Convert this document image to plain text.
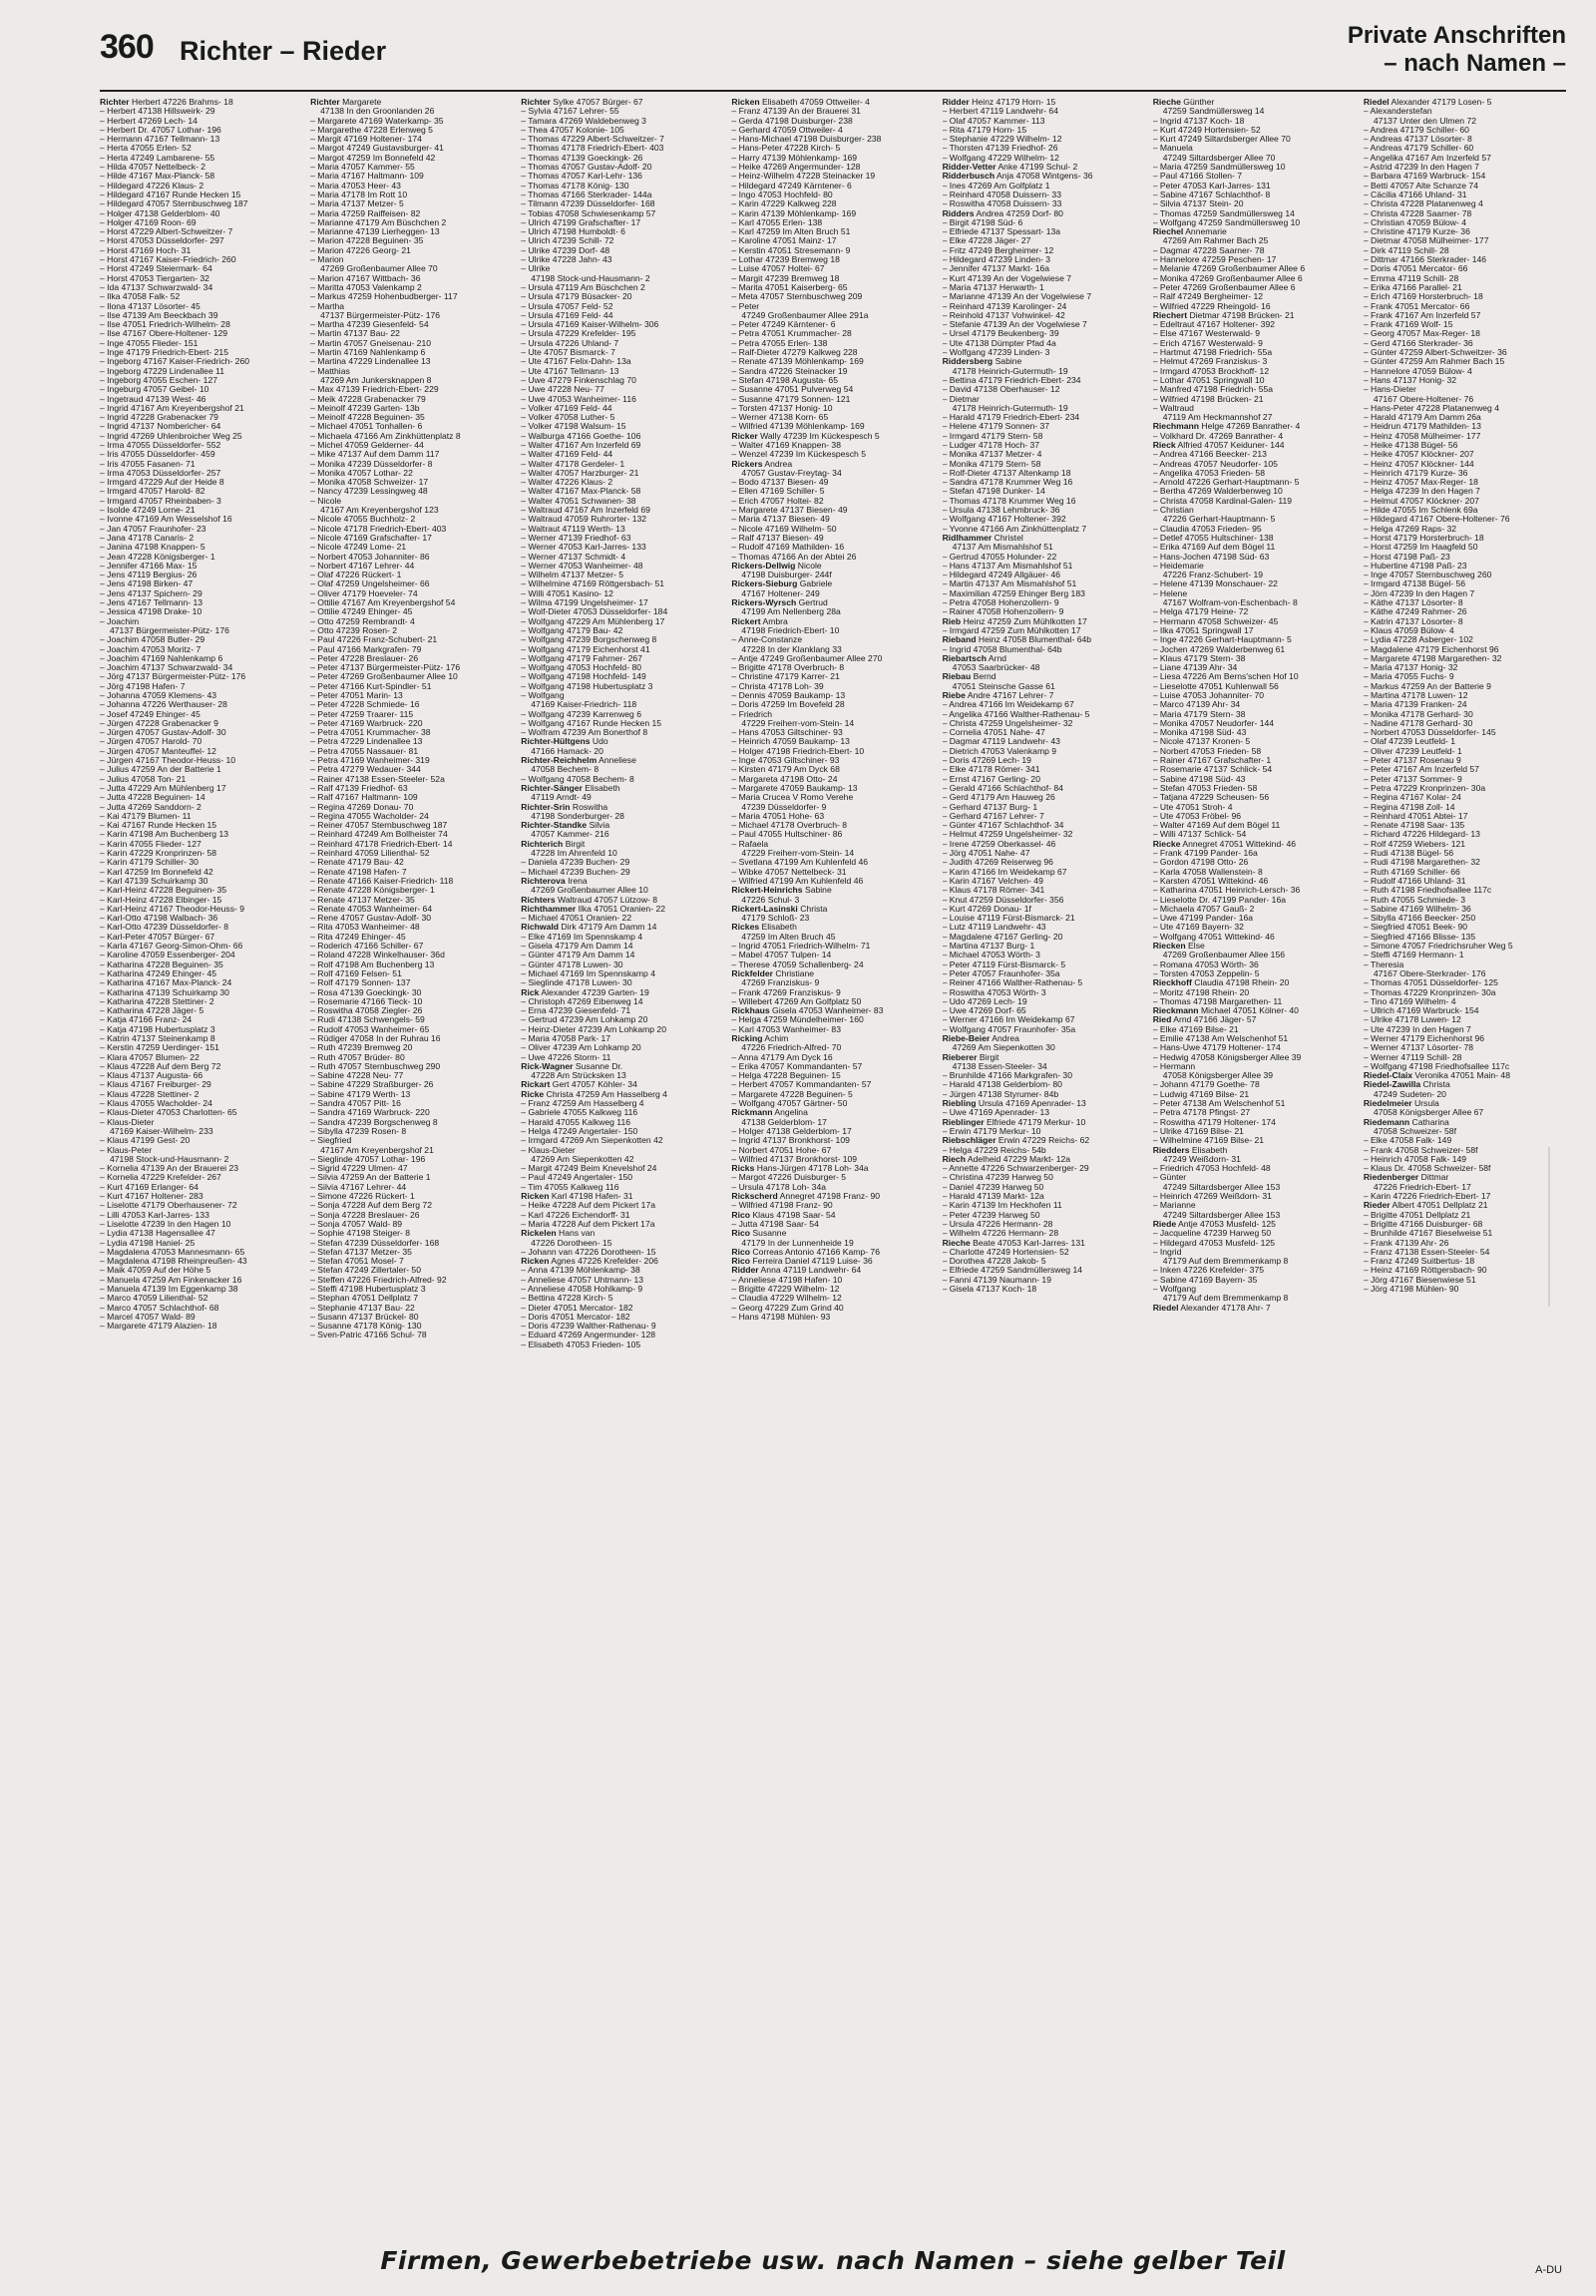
360 Richter – Rieder
Private Anschriften
– nach Namen –
Richter Herbert 47226 Brahms- 18
– Herbert 47138 Hillsweirk- 29
– Herbert 47269 Lech- 14
– Herbert Dr. 47057 Lothar- 196
– Hermann 47167 Tellmann- 13
– Herta 47055 Erlen- 52
– Herta 47249 Lambarene- 55
– Hilda 47057 Nettelbeck- 2
– Hilde 47167 Max-Planck- 58
– Hildegard 47226 Klaus- 2
– Hildegard 47167 Runde Hecken 15
– Hildegard 47057 Sternbuschweg 187
– Holger 47138 Gelderblom- 40
– Holger 47169 Roon- 69
– Horst 47229 Albert-Schweitzer- 7
– Horst 47053 Düsseldorfer- 297
– Horst 47169 Hoch- 31
– Horst 47167 Kaiser-Friedrich- 260
– Horst 47249 Steiermark- 64
– Horst 47053 Tiergarten- 32
– Ida 47137 Schwarzwald- 34
– Ilka 47058 Falk- 52
– Ilona 47137 Lösorter- 45
– Ilse 47139 Am Beeckbach 39
– Ilse 47051 Friedrich-Wilhelm- 28
– Ilse 47167 Obere-Holtener- 129
– Inge 47055 Flieder- 151
– Inge 47179 Friedrich-Ebert- 215
– Ingeborg 47167 Kaiser-Friedrich- 260
– Ingeborg 47229 Lindenallee 11
– Ingeborg 47055 Eschen- 127
– Ingeburg 47057 Geibel- 10
– Ingetraud 47139 West- 46
– Ingrid 47167 Am Kreyenbergshof 21
– Ingrid 47228 Grabenacker 79
– Ingrid 47137 Nombericher- 64
– Ingrid 47269 Uhlenbroicher Weg 25
– Irma 47055 Düsseldorfer- 552
– Iris 47055 Düsseldorfer- 459
– Iris 47055 Fasanen- 71
– Irma 47053 Düsseldorfer- 257
– Irmgard 47229 Auf der Heide 8
– Irmgard 47057 Harold- 82
– Irmgard 47057 Rheinbaben- 3
– Isolde 47249 Lorne- 21
– Ivonne 47169 Am Wesselshof 16
– Jan 47057 Fraunhofer- 23
– Jana 47178 Canaris- 2
– Janina 47198 Knappen- 5
– Jean 47228 Königsberger- 1
– Jennifer 47166 Max- 15
– Jens 47119 Bergius- 26
– Jens 47198 Birken- 47
– Jens 47137 Spichern- 29
– Jens 47167 Tellmann- 13
– Jessica 47198 Drake- 10
– Joachim
47137 Bürgermeister-Pütz- 176
– Joachim 47058 Butler- 29
– Joachim 47053 Moritz- 7
– Joachim 47169 Nahlenkamp 6
– Joachim 47137 Schwarzwald- 34
– Jörg 47137 Bürgermeister-Pütz- 176
– Jörg 47198 Hafen- 7
– Johanna 47059 Klemens- 43
– Johanna 47226 Werthauser- 28
– Josef 47249 Ehinger- 45
– Jürgen 47228 Grabenacker 9
– Jürgen 47057 Gustav-Adolf- 30
– Jürgen 47057 Harold- 70
– Jürgen 47057 Manteuffel- 12
– Jürgen 47167 Theodor-Heuss- 10
– Julius 47259 An der Batterie 1
– Julius 47058 Ton- 21
– Jutta 47229 Am Mühlenberg 17
– Jutta 47228 Beguinen- 14
– Jutta 47269 Sanddorn- 2
– Kai 47179 Blumen- 11
– Kai 47167 Runde Hecken 15
– Karin 47198 Am Buchenberg 13
– Karin 47055 Flieder- 127
– Karin 47229 Kronprinzen- 58
– Karin 47179 Schiller- 30
– Karl 47259 Im Bonnefeld 42
– Karl 47139 Schuirkamp 30
– Karl-Heinz 47228 Beguinen- 35
– Karl-Heinz 47228 Elbinger- 15
– Karl-Heinz 47167 Theodor-Heuss- 9
– Karl-Otto 47198 Walbach- 36
– Karl-Otto 47239 Düsseldorfer- 8
– Karl-Peter 47057 Bürger- 67
– Karla 47167 Georg-Simon-Ohm- 66
– Karoline 47059 Essenberger- 204
– Katharina 47228 Beguinen- 35
– Katharina 47249 Ehinger- 45
– Katharina 47167 Max-Planck- 24
– Katharina 47139 Schuirkamp 30
– Katharina 47228 Stettiner- 2
– Katharina 47228 Jäger- 5
– Katja 47166 Franz- 24
– Katja 47198 Hubertusplatz 3
– Katrin 47137 Steinenkamp 8
– Kerstin 47259 Uerdinger- 151
– Klara 47057 Blumen- 22
– Klaus 47228 Auf dem Berg 72
– Klaus 47137 Augusta- 66
– Klaus 47167 Freiburger- 29
– Klaus 47228 Stettiner- 2
– Klaus 47055 Wacholder- 24
– Klaus-Dieter 47053 Charlotten- 65
– Klaus-Dieter
47169 Kaiser-Wilhelm- 233
– Klaus 47199 Gest- 20
– Klaus-Peter
47198 Stock-und-Hausmann- 2
– Kornelia 47139 An der Brauerei 23
– Kornelia 47229 Krefelder- 267
– Kurt 47169 Erlanger- 64
– Kurt 47167 Holtener- 283
– Liselotte 47179 Oberhausener- 72
– Lilli 47053 Karl-Jarres- 133
– Liselotte 47239 In den Hagen 10
– Lydia 47138 Hagensallee 47
– Lydia 47198 Haniel- 25
– Magdalena 47053 Mannesmann- 65
– Magdalena 47198 Rheinpreußen- 43
– Maik 47059 Auf der Höhe 5
– Manuela 47259 Am Finkenacker 16
– Manuela 47139 Im Eggenkamp 38
– Marco 47059 Lilienthal- 52
– Marco 47057 Schlachthof- 68
– Marcel 47057 Wald- 89
– Margarete 47179 Alazien- 18
Richter Margarete
47138 In den Groonlanden 26
– Margarete 47169 Waterkamp- 35
– Margarethe 47228 Erlenweg 5
– Margit 47169 Holtener- 174
– Margot 47249 Gustavsburger- 41
– Margot 47259 Im Bonnefeld 42
– Maria 47057 Kammer- 55
– Maria 47167 Haltmann- 109
– Maria 47053 Heer- 43
– Maria 47178 Im Rott 10
– Maria 47137 Metzer- 5
– Maria 47259 Raiffeisen- 82
– Marianne 47179 Am Büschchen 2
– Marianne 47139 Lierheggen- 13
– Marion 47228 Beguinen- 35
– Marion 47226 Georg- 21
– Marion
47269 Großenbaumer Allee 70
– Marion 47167 Wittbach- 36
– Maritta 47053 Valenkamp 2
– Markus 47259 Hohenbudberger- 117
– Martha
47137 Bürgermeister-Pütz- 176
– Martha 47239 Giesenfeld- 54
– Martin 47137 Bau- 22
– Martin 47057 Gneisenau- 210
– Martin 47169 Nahlenkamp 6
– Martina 47229 Lindenallee 13
– Matthias
47269 Am Junkersknappen 8
– Max 47139 Friedrich-Ebert- 229
– Meik 47228 Grabenacker 79
– Meinolf 47239 Garten- 13b
– Meinolf 47228 Beguinen- 35
– Michael 47051 Tonhallen- 6
– Michaela 47166 Am Zinkhüttenplatz 8
– Michel 47059 Gelderner- 44
– Mike 47137 Auf dem Damm 117
– Monika 47239 Düsseldorfer- 8
– Monika 47057 Lothar- 22
– Monika 47058 Schweizer- 17
– Nancy 47239 Lessingweg 48
– Nicole
47167 Am Kreyenbergshof 123
– Nicole 47055 Buchholz- 2
– Nicole 47178 Friedrich-Ebert- 403
– Nicole 47169 Grafschafter- 17
– Nicole 47249 Lome- 21
– Norbert 47053 Johanniter- 86
– Norbert 47167 Lehrer- 44
– Olaf 47226 Rückert- 1
– Olaf 47259 Ungelsheimer- 66
– Oliver 47179 Hoeveler- 74
– Ottilie 47167 Am Kreyenbergshof 54
– Ottilie 47249 Ehinger- 45
– Otto 47259 Rembrandt- 4
– Otto 47239 Rosen- 2
– Paul 47226 Franz-Schubert- 21
– Paul 47166 Markgrafen- 79
– Peter 47228 Breslauer- 26
– Peter 47137 Bürgermeister-Pütz- 176
– Peter 47269 Großenbaumer Allee 10
– Peter 47166 Kurt-Spindler- 51
– Peter 47051 Marin- 13
– Peter 47228 Schmiede- 16
– Peter 47259 Traarer- 115
– Peter 47169 Warbruck- 220
– Petra 47051 Krummacher- 38
– Petra 47229 Lindenallee 13
– Petra 47055 Nassauer- 81
– Petra 47169 Wanheimer- 319
– Petra 47279 Wedauer- 344
– Rainer 47138 Essen-Steeler- 52a
– Ralf 47139 Friedhof- 63
– Ralf 47167 Haltmann- 109
– Regina 47269 Donau- 70
– Regina 47055 Wacholder- 24
– Reiner 47057 Sternbuschweg 187
– Reinhard 47249 Am Bollheister 74
– Reinhard 47178 Friedrich-Ebert- 14
– Reinhard 47059 Lilienthal- 52
– Renate 47179 Bau- 42
– Renate 47198 Hafen- 7
– Renate 47166 Kaiser-Friedrich- 118
– Renate 47228 Königsberger- 1
– Renate 47137 Metzer- 35
– Renate 47053 Wanheimer- 64
– Rene 47057 Gustav-Adolf- 30
– Rita 47053 Wanheimer- 48
– Rita 47249 Ehinger- 45
– Roderich 47166 Schiller- 67
– Roland 47228 Winkelhauser- 36d
– Rolf 47198 Am Buchenberg 13
– Rolf 47169 Felsen- 51
– Rolf 47179 Sonnen- 137
– Rosa 47139 Goeckingk- 30
– Rosemarie 47166 Tieck- 10
– Roswitha 47058 Ziegler- 26
– Rudi 47138 Schwengels- 59
– Rudolf 47053 Wanheimer- 65
– Rüdiger 47058 In der Ruhrau 16
– Ruth 47239 Bremweg 20
– Ruth 47057 Brüder- 80
– Ruth 47057 Sternbuschweg 290
– Sabine 47228 Neu- 77
– Sabine 47229 Straßburger- 26
– Sabine 47179 Werth- 13
– Sandra 47057 Pitt- 16
– Sandra 47169 Warbruck- 220
– Sandra 47239 Borgschenweg 8
– Sibylla 47239 Rosen- 8
– Siegfried
47167 Am Kreyenbergshof 21
– Sieglinde 47057 Lothar- 196
– Sigrid 47229 Ulmen- 47
– Silvia 47259 An der Batterie 1
– Silvia 47167 Lehrer- 44
– Simone 47226 Rückert- 1
– Sonja 47228 Auf dem Berg 72
– Sonja 47228 Breslauer- 26
– Sonja 47057 Wald- 89
– Sophie 47198 Steiger- 8
– Stefan 47239 Düsseldorfer- 168
– Stefan 47137 Metzer- 35
– Stefan 47051 Mosel- 7
– Stefan 47249 Zillertaler- 50
– Steffen 47226 Friedrich-Alfred- 92
– Steffi 47198 Hubertusplatz 3
– Stephan 47051 Dellplatz 7
– Stephanie 47137 Bau- 22
– Susann 47137 Brückel- 80
– Susanne 47178 König- 130
– Sven-Patric 47166 Schul- 78
Richter Sylke 47057 Bürger- 67
– Sylvia 47167 Lehrer- 55
– Tamara 47269 Waldebenweg 3
– Thea 47057 Kolonie- 105
– Thomas 47229 Albert-Schweitzer- 7
– Thomas 47178 Friedrich-Ebert- 403
– Thomas 47139 Goeckingk- 26
– Thomas 47057 Gustav-Adolf- 20
– Thomas 47057 Karl-Lehr- 136
– Thomas 47178 König- 130
– Thomas 47166 Sterkrader- 144a
– Tilmann 47239 Düsseldorfer- 168
– Tobias 47058 Schwiesenkamp 57
– Ulrich 47199 Grafschafter- 17
– Ulrich 47198 Humboldt- 6
– Ulrich 47239 Schill- 72
– Ulrike 47239 Dorf- 48
– Ulrike 47228 Jahn- 43
– Ulrike
47198 Stock-und-Hausmann- 2
– Ursula 47119 Am Büschchen 2
– Ursula 47179 Büsacker- 20
– Ursula 47057 Feld- 52
– Ursula 47169 Feld- 44
– Ursula 47169 Kaiser-Wilhelm- 306
– Ursula 47229 Krefelder- 195
– Ursula 47226 Uhland- 7
– Ute 47057 Bismarck- 7
– Ute 47167 Felix-Dahn- 13a
– Ute 47167 Tellmann- 13
– Uwe 47279 Finkenschlag 70
– Uwe 47228 Neu- 77
– Uwe 47053 Wanheimer- 116
– Volker 47169 Feld- 44
– Volker 47058 Luther- 5
– Volker 47198 Walsum- 15
– Walburga 47166 Goethe- 106
– Walter 47167 Am Inzerfeld 69
– Walter 47169 Feld- 44
– Walter 47178 Gerdeler- 1
– Walter 47057 Harzburger- 21
– Walter 47226 Klaus- 2
– Walter 47167 Max-Planck- 58
– Walter 47051 Schwanen- 38
– Waltraud 47167 Am Inzerfeld 69
– Waltraud 47059 Ruhrorter- 132
– Waltraut 47119 Werth- 13
– Werner 47139 Friedhof- 63
– Werner 47053 Karl-Jarres- 133
– Werner 47137 Schmidt- 4
– Werner 47053 Wanheimer- 48
– Wilhelm 47137 Metzer- 5
– Wilhelmine 47169 Röttgersbach- 51
– Willi 47051 Kasino- 12
– Wilma 47199 Ungelsheimer- 17
– Wolf-Dieter 47053 Düsseldorfer- 184
– Wolfgang 47229 Am Mühlenberg 17
– Wolfgang 47179 Bau- 42
– Wolfgang 47239 Borgschenweg 8
– Wolfgang 47179 Eichenhorst 41
– Wolfgang 47179 Fahrner- 267
– Wolfgang 47053 Hochfeld- 80
– Wolfgang 47198 Hochfeld- 149
– Wolfgang 47198 Hubertusplatz 3
– Wolfgang
47169 Kaiser-Friedrich- 118
– Wolfgang 47239 Karrenweg 6
– Wolfgang 47167 Runde Hecken 15
– Wolfram 47239 Am Bonerthof 8
Richter-Hültgens Udo
47166 Hamack- 20
Richter-Reichhelm Anneliese
47058 Bechem- 8
– Wolfgang 47058 Bechem- 8
Richter-Sänger Elisabeth
47119 Arndt- 49
Richter-Srin Roswitha
47198 Sonderburger- 28
Richter-Standke Silvia
47057 Kammer- 216
Richterich Birgit
47228 Im Ahrenfeld 10
– Daniela 47239 Buchen- 29
– Michael 47239 Buchen- 29
Richterova Irena
47269 Großenbaumer Allee 10
Richters Waltraud 47057 Lützow- 8
Richthammer Ilka 47051 Oranien- 22
– Michael 47051 Oranien- 22
Richwald Dirk 47179 Am Damm 14
– Elke 47169 Im Spennskamp 4
– Gisela 47179 Am Damm 14
– Günter 47179 Am Damm 14
– Günter 47178 Luwen- 30
– Michael 47169 Im Spennskamp 4
– Sieglinde 47178 Luwen- 30
Rick Alexander 47239 Garten- 19
– Christoph 47269 Eibenweg 14
– Erna 47239 Giesenfeld- 71
– Gertrud 47239 Am Lohkamp 20
– Heinz-Dieter 47239 Am Lohkamp 20
– Maria 47058 Park- 17
– Oliver 47239 Am Lohkamp 20
– Uwe 47226 Storm- 11
Rick-Wagner Susanne Dr.
47228 Am Strücksken 13
Rickart Gert 47057 Köhler- 34
Ricke Christa 47259 Am Hasselberg 4
– Franz 47259 Am Hasselberg 4
– Gabriele 47055 Kalkweg 116
– Harald 47055 Kalkweg 116
– Helga 47249 Angertaler- 150
– Irmgard 47269 Am Siepenkotten 42
– Klaus-Dieter
47269 Am Siepenkotten 42
– Margit 47249 Beim Knevelshof 24
– Paul 47249 Angertaler- 150
– Tim 47055 Kalkweg 116
Ricken Karl 47198 Hafen- 31
– Heike 47228 Auf dem Pickert 17a
– Karl 47226 Eichendorff- 31
– Maria 47228 Auf dem Pickert 17a
Rickelen Hans van
47226 Dorotheen- 15
– Johann van 47226 Dorotheen- 15
Ricken Agnes 47226 Krefelder- 206
– Anna 47139 Möhlenkamp- 38
– Anneliese 47057 Uhtmann- 13
– Anneliese 47058 Hohlkamp- 9
– Bettina 47228 Kirch- 5
– Dieter 47051 Mercator- 182
– Doris 47051 Mercator- 182
– Doris 47239 Walther-Rathenau- 9
– Eduard 47269 Angermunder- 128
– Elisabeth 47053 Frieden- 105
Ricken Elisabeth 47059 Ottweiler- 4
– Franz 47139 An der Brauerei 31
– Gerda 47198 Duisburger- 238
– Gerhard 47059 Ottweiler- 4
– Hans-Michael 47198 Duisburger- 238
– Hans-Peter 47228 Kirch- 5
– Harry 47139 Möhlenkamp- 169
– Heike 47269 Angermunder- 128
– Heinz-Wilhelm 47228 Steinacker 19
– Hildegard 47249 Kärntener- 6
– Ingo 47053 Hochfeld- 80
– Karin 47229 Kalkweg 228
– Karin 47139 Möhlenkamp- 169
– Karl 47055 Erlen- 138
– Karl 47259 Im Alten Bruch 51
– Karoline 47051 Mainz- 17
– Kerstin 47051 Stresemann- 9
– Lothar 47239 Bremweg 18
– Luise 47057 Holtei- 67
– Margit 47239 Bremweg 18
– Marita 47051 Kaiserberg- 65
– Meta 47057 Sternbuschweg 209
– Peter
47249 Großenbaumer Allee 291a
– Peter 47249 Kärntener- 6
– Petra 47051 Krummacher- 28
– Petra 47055 Erlen- 138
– Ralf-Dieter 47279 Kalkweg 228
– Renate 47139 Möhlenkamp- 169
– Sandra 47226 Steinacker 19
– Stefan 47198 Augusta- 65
– Susanne 47051 Pulverweg 54
– Susanne 47179 Sonnen- 121
– Torsten 47137 Honig- 10
– Werner 47138 Korn- 65
– Wilfried 47139 Möhlenkamp- 169
Ricker Wally 47239 Im Kückespesch 5
– Walter 47169 Knappen- 38
– Wenzel 47239 Im Kückespesch 5
Rickers Andrea
47057 Gustav-Freytag- 34
– Bodo 47137 Biesen- 49
– Ellen 47169 Schiller- 5
– Erich 47057 Holtei- 82
– Margarete 47137 Biesen- 49
– Maria 47137 Biesen- 49
– Nicole 47169 Wilhelm- 50
– Ralf 47137 Biesen- 49
– Rudolf 47169 Mathilden- 16
– Thomas 47166 An der Abtei 26
Rickers-Dellwig Nicole
47198 Duisburger- 244f
Rickers-Sieburg Gabriele
47167 Holtener- 249
Rickers-Wyrsch Gertrud
47199 Am Nellenberg 28a
Rickert Ambra
47198 Friedrich-Ebert- 10
– Anne-Constanze
47228 In der Klanklang 33
– Antje 47249 Großenbaumer Allee 270
– Brigitte 47178 Overbruch- 8
– Christine 47179 Karrer- 21
– Christa 47178 Loh- 39
– Dennis 47059 Baukamp- 13
– Doris 47259 Im Bovefeld 28
– Friedrich
47229 Freiherr-vom-Stein- 14
– Hans 47053 Giltschiner- 93
– Heinrich 47059 Baukamp- 13
– Holger 47198 Friedrich-Ebert- 10
– Inge 47053 Giltschiner- 93
– Kirsten 47179 Am Dyck 68
– Margareta 47198 Otto- 24
– Margarete 47059 Baukamp- 13
– Maria Crucea V Romo Verehe
47239 Düsseldorfer- 9
– Maria 47051 Hohe- 63
– Michael 47178 Overbruch- 8
– Paul 47055 Hultschiner- 86
– Rafaela
47229 Freiherr-vom-Stein- 14
– Svetlana 47199 Am Kuhlenfeld 46
– Wibke 47057 Nettelbeck- 31
– Wilfried 47199 Am Kuhlenfeld 46
Rickert-Heinrichs Sabine
47226 Schul- 3
Rickert-Lasinski Christa
47179 Schloß- 23
Rickes Elisabeth
47259 Im Alten Bruch 45
– Ingrid 47051 Friedrich-Wilhelm- 71
– Mabel 47057 Tulpen- 14
– Therese 47059 Schallenberg- 24
Rickfelder Christiane
47269 Franziskus- 9
– Frank 47269 Franziskus- 9
– Willebert 47269 Am Golfplatz 50
Rickhaus Gisela 47053 Wanheimer- 83
– Helga 47259 Mündelheimer- 160
– Karl 47053 Wanheimer- 83
Ricking Achim
47226 Friedrich-Alfred- 70
– Anna 47179 Am Dyck 16
– Erika 47057 Kommandanten- 57
– Helga 47228 Beguinen- 15
– Herbert 47057 Kommandanten- 57
– Margarete 47228 Beguinen- 5
– Wolfgang 47057 Gärtner- 50
Rickmann Angelina
47138 Gelderblom- 17
– Holger 47138 Gelderblom- 17
– Ingrid 47137 Bronkhorst- 109
– Norbert 47051 Hohe- 67
– Wilfried 47137 Bronkhorst- 109
Ricks Hans-Jürgen 47178 Loh- 34a
– Margot 47226 Duisburger- 5
– Ursula 47178 Loh- 34a
Rickscherd Annegret 47198 Franz- 90
– Wilfried 47198 Franz- 90
Rico Klaus 47198 Saar- 54
– Jutta 47198 Saar- 54
Rico Susanne
47179 In der Lunnenheide 19
Rico Correas Antonio 47166 Kamp- 76
Rico Ferreira Daniel 47119 Luise- 36
Ridder Anna 47119 Landwehr- 64
– Anneliese 47198 Hafen- 10
– Brigitte 47229 Wilhelm- 12
– Claudia 47229 Wilhelm- 12
– Georg 47229 Zum Grind 40
– Hans 47198 Mühlen- 93
Ridder Heinz 47179 Horn- 15
– Herbert 47119 Landwehr- 64
– Olaf 47057 Kammer- 113
– Rita 47179 Horn- 15
– Stephanie 47229 Wilhelm- 12
– Thorsten 47139 Friedhof- 26
– Wolfgang 47229 Wilhelm- 12
Ridder-Vetter Anke 47199 Schul- 2
Ridderbusch Anja 47058 Wintgens- 36
– Ines 47269 Am Golfplatz 1
– Reinhard 47058 Duissern- 33
– Roswitha 47058 Duissern- 33
Ridders Andrea 47259 Dorf- 80
– Birgit 47198 Süd- 6
– Elfriede 47137 Spessart- 13a
– Elke 47228 Jäger- 27
– Fritz 47249 Bergheimer- 12
– Hildegard 47239 Linden- 3
– Jennifer 47137 Markt- 16a
– Kurt 47139 An der Vogelwiese 7
– Maria 47137 Herwarth- 1
– Marianne 47139 An der Vogelwiese 7
– Reinhard 47139 Karolinger- 24
– Reinhold 47137 Vohwinkel- 42
– Stefanie 47139 An der Vogelwiese 7
– Ursel 47179 Beukenberg- 39
– Ute 47138 Dümpter Pfad 4a
– Wolfgang 47239 Linden- 3
Riddersberg Sabine
47178 Heinrich-Gutermuth- 19
– Bettina 47179 Friedrich-Ebert- 234
– David 47138 Oberhauser- 12
– Dietmar
47178 Heinrich-Gutermuth- 19
– Harald 47179 Friedrich-Ebert- 234
– Helene 47179 Sonnen- 37
– Irmgard 47179 Stern- 58
– Ludger 47178 Hoch- 37
– Monika 47137 Metzer- 4
– Monika 47179 Stern- 58
– Rolf-Dieter 47137 Altenkamp 18
– Sandra 47178 Krummer Weg 16
– Stefan 47198 Dunker- 14
– Thomas 47178 Krummer Weg 16
– Ursula 47138 Lehmbruck- 36
– Wolfgang 47167 Holtener- 392
– Yvonne 47166 Am Zinkhüttenplatz 7
Ridlhammer Christel
47137 Am Mismahlshof 51
– Gertrud 47055 Holunder- 22
– Hans 47137 Am Mismahlshof 51
– Hildegard 47249 Allgäuer- 46
– Martin 47137 Am Mismahlshof 51
– Maximilian 47259 Ehinger Berg 183
– Petra 47058 Hohenzollern- 9
– Rainer 47058 Hohenzollern- 9
Rieb Heinz 47259 Zum Mühlkotten 17
– Irmgard 47259 Zum Mühlkotten 17
Rieband Heinz 47058 Blumenthal- 64b
– Ingrid 47058 Blumenthal- 64b
Riebartsch Arnd
47053 Saarbrücker- 48
Riebau Bernd
47051 Steinsche Gasse 61
Riebe Andre 47167 Lehrer- 7
– Andrea 47166 Im Weidekamp 67
– Angelika 47166 Walther-Rathenau- 5
– Christa 47259 Ungelsheimer- 32
– Cornelia 47051 Nahe- 47
– Dagmar 47119 Landwehr- 43
– Dietrich 47053 Valenkamp 9
– Doris 47269 Lech- 19
– Elke 47178 Römer- 341
– Ernst 47167 Gerling- 20
– Gerald 47166 Schlachthof- 84
– Gerd 47179 Am Hauweg 26
– Gerhard 47137 Burg- 1
– Gerhard 47167 Lehrer- 7
– Günter 47167 Schlachthof- 34
– Helmut 47259 Ungelsheimer- 32
– Irene 47259 Oberkassel- 46
– Jörg 47051 Nahe- 47
– Judith 47269 Reiserweg 96
– Karin 47166 Im Weidekamp 67
– Karin 47167 Velchen- 49
– Klaus 47178 Römer- 341
– Knut 47259 Düsseldorfer- 356
– Kurt 47269 Donau- 1f
– Louise 47119 Fürst-Bismarck- 21
– Lutz 47119 Landwehr- 43
– Magdalene 47167 Gerling- 20
– Martina 47137 Burg- 1
– Michael 47053 Wörth- 3
– Peter 47119 Fürst-Bismarck- 5
– Peter 47057 Fraunhofer- 35a
– Reiner 47166 Walther-Rathenau- 5
– Roswitha 47053 Wörth- 3
– Udo 47269 Lech- 19
– Uwe 47269 Dorf- 65
– Werner 47166 Im Weidekamp 67
– Wolfgang 47057 Fraunhofer- 35a
Riebe-Beier Andrea
47269 Am Siepenkotten 30
Rieberer Birgit
47138 Essen-Steeler- 34
– Brunhilde 47166 Markgrafen- 30
– Harald 47138 Gelderblom- 80
– Jürgen 47138 Styrumer- 84b
Riebling Ursula 47169 Apenrader- 13
– Uwe 47169 Apenrader- 13
Rieblinger Elfriede 47179 Merkur- 10
– Erwin 47179 Merkur- 10
Riebschläger Erwin 47229 Reichs- 62
– Helga 47229 Reichs- 54b
Riech Adelheid 47229 Markt- 12a
– Annette 47226 Schwarzenberger- 29
– Christina 47239 Harweg 50
– Daniel 47239 Harweg 50
– Harald 47139 Markt- 12a
– Karin 47139 Im Heckhofen 11
– Peter 47239 Harweg 50
– Ursula 47226 Hermann- 28
– Wilhelm 47226 Hermann- 28
Rieche Beate 47053 Karl-Jarres- 131
– Charlotte 47249 Hortensien- 52
– Dorothea 47228 Jakob- 5
– Elfriede 47259 Sandmüllersweg 14
– Fanni 47139 Naumann- 19
– Gisela 47137 Koch- 18
Rieche Günther
47259 Sandmüllersweg 14
– Ingrid 47137 Koch- 18
– Kurt 47249 Hortensien- 52
– Kurt 47249 Siltardsberger Allee 70
– Manuela
47249 Siltardsberger Allee 70
– Maria 47259 Sandmüllersweg 10
– Paul 47166 Stollen- 7
– Peter 47053 Karl-Jarres- 131
– Sabine 47167 Schlachthof- 8
– Silvia 47137 Stein- 20
– Thomas 47259 Sandmüllersweg 14
– Wolfgang 47259 Sandmüllersweg 10
Riechel Annemarie
47269 Am Rahmer Bach 25
– Dagmar 47228 Saarner- 78
– Hannelore 47259 Peschen- 17
– Melanie 47269 Großenbaumer Allee 6
– Monika 47269 Großenbaumer Allee 6
– Peter 47269 Großenbaumer Allee 6
– Ralf 47249 Bergheimer- 12
– Wilfried 47229 Rheingold- 16
Riechert Dietmar 47198 Brücken- 21
– Edeltraut 47167 Holtener- 392
– Else 47167 Westerwald- 9
– Erich 47167 Westerwald- 9
– Hartmut 47198 Friedrich- 55a
– Helmut 47269 Franziskus- 3
– Irmgard 47053 Brockhoff- 12
– Lothar 47051 Springwall 10
– Manfred 47198 Friedrich- 55a
– Wilfried 47198 Brücken- 21
– Waltraud
47119 Am Heckmannshof 27
Riechmann Helge 47269 Banrather- 4
– Volkhard Dr. 47269 Banrather- 4
Rieck Alfried 47057 Keiduner- 144
– Andrea 47166 Beecker- 213
– Andreas 47057 Neudorfer- 105
– Angelika 47053 Frieden- 58
– Arnold 47226 Gerhart-Hauptmann- 5
– Bertha 47269 Walderbenweg 10
– Christa 47058 Kardinal-Galen- 119
– Christian
47226 Gerhart-Hauptmann- 5
– Claudia 47053 Frieden- 95
– Detlef 47055 Hultschiner- 138
– Erika 47169 Auf dem Bögel 11
– Hans-Jochen 47198 Süd- 63
– Heidemarie
47226 Franz-Schubert- 19
– Helene 47139 Monschauer- 22
– Helene
47167 Wolfram-von-Eschenbach- 8
– Helga 47179 Heine- 72
– Hermann 47058 Schweizer- 45
– Ilka 47051 Springwall 17
– Inge 47226 Gerhart-Hauptmann- 5
– Jochen 47269 Walderbenweg 61
– Klaus 47179 Stern- 38
– Liane 47139 Ahr- 34
– Liesa 47226 Am Berns'schen Hof 10
– Lieselotte 47051 Kuhlenwall 56
– Luise 47053 Johanniter- 70
– Marco 47139 Ahr- 34
– Maria 47179 Stern- 38
– Monika 47057 Neudorfer- 144
– Monika 47198 Süd- 43
– Nicole 47137 Kronen- 5
– Norbert 47053 Frieden- 58
– Rainer 47167 Grafschafter- 1
– Rosemarie 47137 Schlick- 54
– Sabine 47198 Süd- 43
– Stefan 47053 Frieden- 58
– Tatjana 47229 Scheusen- 56
– Ute 47051 Stroh- 4
– Ute 47053 Fröbel- 96
– Walter 47169 Auf dem Bögel 11
– Willi 47137 Schlick- 54
Riecke Annegret 47051 Wittekind- 46
– Frank 47199 Pander- 16a
– Gordon 47198 Otto- 26
– Karla 47058 Wallenstein- 8
– Karsten 47051 Wittekind- 46
– Katharina 47051 Heinrich-Lersch- 36
– Lieselotte Dr. 47199 Pander- 16a
– Michaela 47057 Gauß- 2
– Uwe 47199 Pander- 16a
– Ute 47169 Bayern- 32
– Wolfgang 47051 Wittekind- 46
Riecken Else
47269 Großenbaumer Allee 156
– Romana 47053 Wörth- 36
– Torsten 47053 Zeppelin- 5
Rieckhoff Claudia 47198 Rhein- 20
– Moritz 47198 Rhein- 20
– Thomas 47198 Margarethen- 11
Rieckmann Michael 47051 Kölner- 40
Ried Arnd 47166 Jäger- 57
– Elke 47169 Bilse- 21
– Emilie 47138 Am Welschenhof 51
– Hans-Uwe 47179 Holtener- 174
– Hedwig 47058 Königsberger Allee 39
– Hermann
47058 Königsberger Allee 39
– Johann 47179 Goethe- 78
– Ludwig 47169 Bilse- 21
– Peter 47138 Am Welschenhof 51
– Petra 47178 Pfingst- 27
– Roswitha 47179 Holtener- 174
– Ulrike 47169 Bilse- 21
– Wilhelmine 47169 Bilse- 21
Riedders Elisabeth
47249 Weißdorn- 31
– Friedrich 47053 Hochfeld- 48
– Günter
47249 Siltardsberger Allee 153
– Heinrich 47269 Weißdorn- 31
– Marianne
47249 Siltardsberger Allee 153
Riede Antje 47053 Musfeld- 125
– Jacqueline 47239 Harweg 50
– Hildegard 47053 Musfeld- 125
– Ingrid
47179 Auf dem Bremmenkamp 8
– Inken 47226 Krefelder- 375
– Sabine 47169 Bayern- 35
– Wolfgang
47179 Auf dem Bremmenkamp 8
Riedel Alexander 47178 Ahr- 7
Riedel Alexander 47179 Losen- 5
– Alexanderstefan
47137 Unter den Ulmen 72
– Andrea 47179 Schiller- 60
– Andreas 47137 Lösorter- 8
– Andreas 47179 Schiller- 60
– Angelika 47167 Am Inzerfeld 57
– Astrid 47239 In den Hagen 7
– Barbara 47169 Warbruck- 154
– Betti 47057 Alte Schanze 74
– Cäcilia 47166 Uhland- 31
– Christa 47228 Platanenweg 4
– Christa 47228 Saarner- 78
– Christian 47059 Bülow- 4
– Christine 47179 Kurze- 36
– Dietmar 47058 Mülheimer- 177
– Dirk 47119 Schill- 28
– Dittmar 47166 Sterkrader- 146
– Doris 47051 Mercator- 66
– Emma 47119 Schill- 28
– Erika 47166 Parallel- 21
– Erich 47169 Horsterbruch- 18
– Frank 47051 Mercator- 66
– Frank 47167 Am Inzerfeld 57
– Frank 47169 Wolf- 15
– Georg 47057 Max-Reger- 18
– Gerd 47166 Sterkrader- 36
– Günter 47259 Albert-Schweitzer- 36
– Günter 47259 Am Rahmer Bach 15
– Hannelore 47059 Bülow- 4
– Hans 47137 Honig- 32
– Hans-Dieter
47167 Obere-Holtener- 76
– Hans-Peter 47228 Platanenweg 4
– Harald 47179 Am Damm 26a
– Heidrun 47179 Mathilden- 13
– Heinz 47058 Mülheimer- 177
– Heike 47138 Bügel- 56
– Heike 47057 Klöckner- 207
– Heinz 47057 Klöckner- 144
– Heinrich 47179 Kurze- 36
– Heinz 47057 Max-Reger- 18
– Helga 47239 In den Hagen 7
– Helmut 47057 Klöckner- 207
– Hilde 47055 Im Schlenk 69a
– Hildegard 47167 Obere-Holtener- 76
– Helga 47269 Raps- 32
– Horst 47179 Horsterbruch- 18
– Horst 47259 Im Haagfeld 50
– Horst 47198 Paß- 23
– Hubertine 47198 Paß- 23
– Inge 47057 Sternbuschweg 260
– Irmgard 47138 Bügel- 56
– Jörn 47239 In den Hagen 7
– Käthe 47137 Lösorter- 8
– Käthe 47249 Rahmer- 26
– Katrin 47137 Lösorter- 8
– Klaus 47059 Bülow- 4
– Lydia 47228 Asberger- 102
– Magdalene 47179 Eichenhorst 96
– Margarete 47198 Margarethen- 32
– Maria 47137 Honig- 32
– Maria 47055 Fuchs- 9
– Markus 47259 An der Batterie 9
– Martina 47178 Luwen- 12
– Maria 47139 Franken- 24
– Monika 47178 Gerhard- 30
– Nadine 47178 Gerhard- 30
– Norbert 47053 Düsseldorfer- 145
– Olaf 47239 Leutfeld- 1
– Oliver 47239 Leutfeld- 1
– Peter 47137 Rosenau 9
– Peter 47167 Am Inzerfeld 57
– Peter 47137 Sommer- 9
– Petra 47229 Kronprinzen- 30a
– Regina 47167 Kolar- 24
– Regina 47198 Zoll- 14
– Reinhard 47051 Abtei- 17
– Renate 47198 Saar- 135
– Richard 47226 Hildegard- 13
– Rolf 47259 Wiebers- 121
– Rudi 47138 Bügel- 56
– Rudi 47198 Margarethen- 32
– Ruth 47169 Schiller- 66
– Rudolf 47166 Uhland- 31
– Ruth 47198 Friedhofsallee 117c
– Ruth 47055 Schmiede- 3
– Sabine 47169 Wilhelm- 36
– Sibylla 47166 Beecker- 250
– Siegfried 47051 Beek- 90
– Siegfried 47166 Blisse- 135
– Simone 47057 Friedrichsruher Weg 5
– Steffi 47169 Hermann- 1
– Theresia
47167 Obere-Sterkrader- 176
– Thomas 47051 Düsseldorfer- 125
– Thomas 47229 Kronprinzen- 30a
– Tino 47169 Wilhelm- 4
– Ullrich 47169 Warbruck- 154
– Ulrike 47178 Luwen- 12
– Ute 47239 In den Hagen 7
– Werner 47179 Eichenhorst 96
– Werner 47137 Lösorter- 78
– Werner 47119 Schill- 28
– Wolfgang 47198 Friedhofsallee 117c
Riedel-Claix Veronika 47051 Main- 48
Riedel-Zawilla Christa
47249 Sudeten- 20
Riedelmeier Ursula
47058 Königsberger Allee 67
Riedemann Catharina
47058 Schweizer- 58f
– Elke 47058 Falk- 149
– Frank 47058 Schweizer- 58f
– Heinrich 47058 Falk- 149
– Klaus Dr. 47058 Schweizer- 58f
Riedenberger Dittmar
47226 Friedrich-Ebert- 17
– Karin 47226 Friedrich-Ebert- 17
Rieder Albert 47051 Dellplatz 21
– Brigitte 47051 Dellplatz 21
– Brigitte 47166 Duisburger- 68
– Brunhilde 47167 Bieselweise 51
– Frank 47139 Ahr- 26
– Franz 47138 Essen-Steeler- 54
– Franz 47249 Suitbertus- 18
– Heinz 47169 Röttgersbach- 90
– Jörg 47167 Biesenwiese 51
– Jörg 47198 Mühlen- 90
Firmen, Gewerbebetriebe usw. nach Namen – siehe gelber Teil	A-DU
